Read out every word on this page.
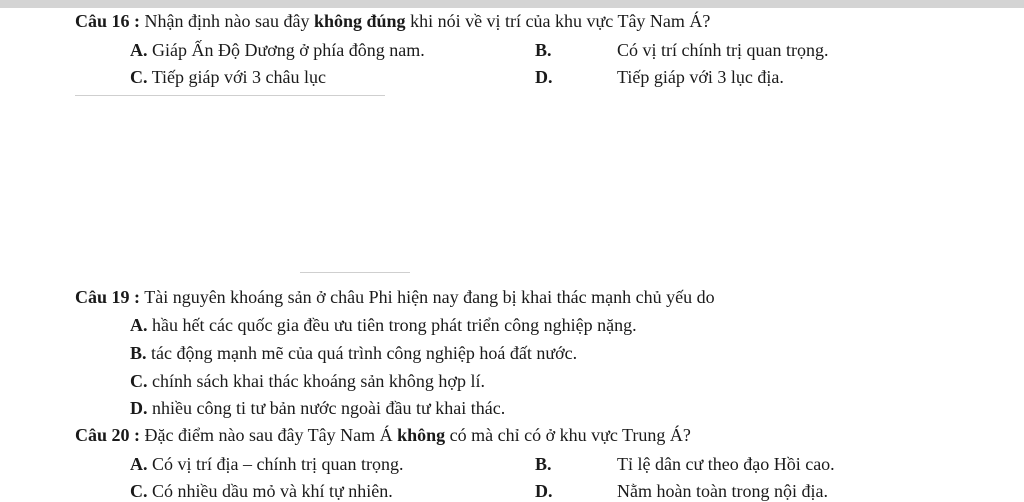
Câu 16 : Nhận định nào sau đây không đúng khi nói về vị trí của khu vực Tây Nam Á?
A. Giáp Ấn Độ Dương ở phía đông nam.	B.	Có vị trí chính trị quan trọng.
C. Tiếp giáp với 3 châu lục	D.	Tiếp giáp với 3 lục địa.
Câu 19 : Tài nguyên khoáng sản ở châu Phi hiện nay đang bị khai thác mạnh chủ yếu do
A. hầu hết các quốc gia đều ưu tiên trong phát triển công nghiệp nặng.
B. tác động mạnh mẽ của quá trình công nghiệp hoá đất nước.
C. chính sách khai thác khoáng sản không hợp lí.
D. nhiều công ti tư bản nước ngoài đầu tư khai thác.
Câu 20 : Đặc điểm nào sau đây Tây Nam Á không có mà chỉ có ở khu vực Trung Á?
A. Có vị trí địa – chính trị quan trọng.	B.	Tỉ lệ dân cư theo đạo Hồi cao.
C. Có nhiều dầu mỏ và khí tự nhiên.	D.	Nằm hoàn toàn trong nội địa.
